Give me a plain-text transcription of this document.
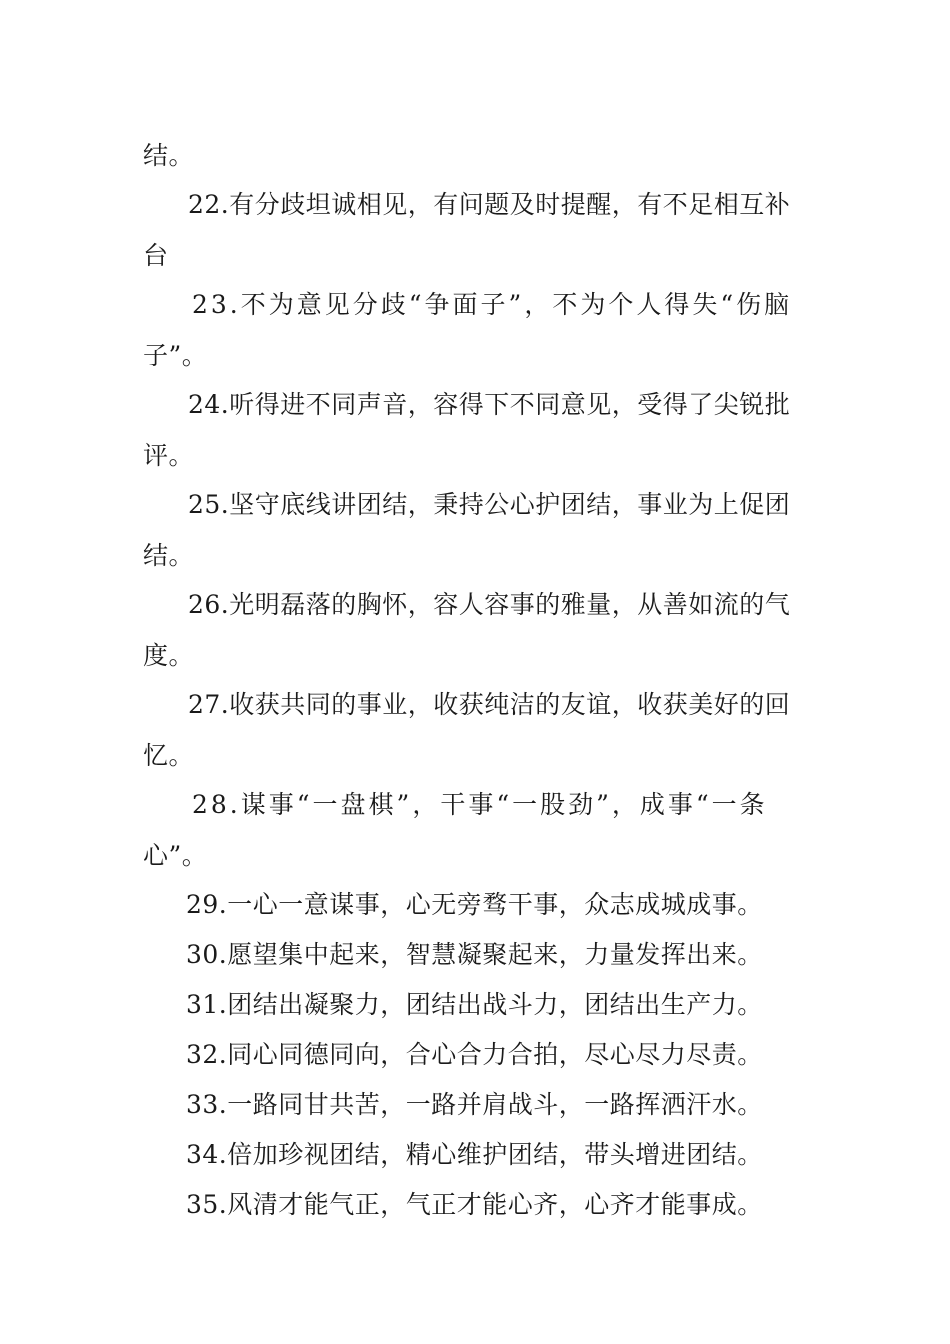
结。
22.有分歧坦诚相见，有问题及时提醒，有不足相互补
台
23.不为意见分歧“争面子”，不为个人得失“伤脑
子”。
24.听得进不同声音，容得下不同意见，受得了尖锐批
评。
25.坚守底线讲团结，秉持公心护团结，事业为上促团
结。
26.光明磊落的胸怀，容人容事的雅量，从善如流的气
度。
27.收获共同的事业，收获纯洁的友谊，收获美好的回
忆。
28.谋事“一盘棋”，干事“一股劲”，成事“一条
心”。
29.一心一意谋事，心无旁骛干事，众志成城成事。
30.愿望集中起来，智慧凝聚起来，力量发挥出来。
31.团结出凝聚力，团结出战斗力，团结出生产力。
32.同心同德同向，合心合力合拍，尽心尽力尽责。
33.一路同甘共苦，一路并肩战斗，一路挥洒汗水。
34.倍加珍视团结，精心维护团结，带头增进团结。
35.风清才能气正，气正才能心齐，心齐才能事成。
